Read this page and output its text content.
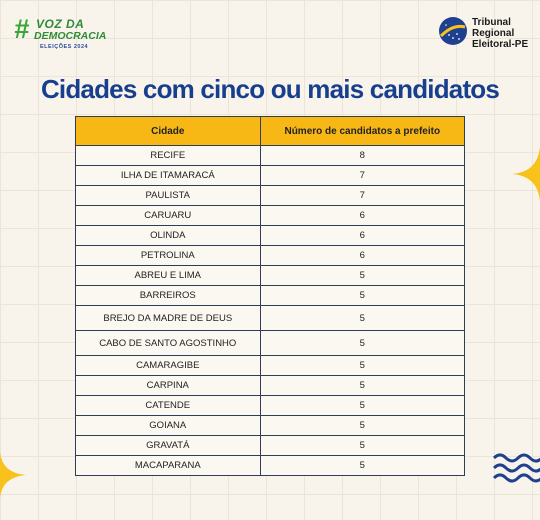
# VOZ DA
DEMOCRACIA
ELEIÇÕES 2024
Tribunal
Regional
Eleitoral-PE
Cidades com cinco ou mais candidatos
Cidade	Número de candidatos a prefeito
RECIFE	8
ILHA DE ITAMARACÁ	7
PAULISTA	7
CARUARU	6
OLINDA	6
PETROLINA	6
ABREU E LIMA	5
BARREIROS	5
BREJO DA MADRE DE DEUS	5
CABO DE SANTO AGOSTINHO	5
CAMARAGIBE	5
CARPINA	5
CATENDE	5
GOIANA	5
GRAVATÁ	5
MACAPARANA	5
